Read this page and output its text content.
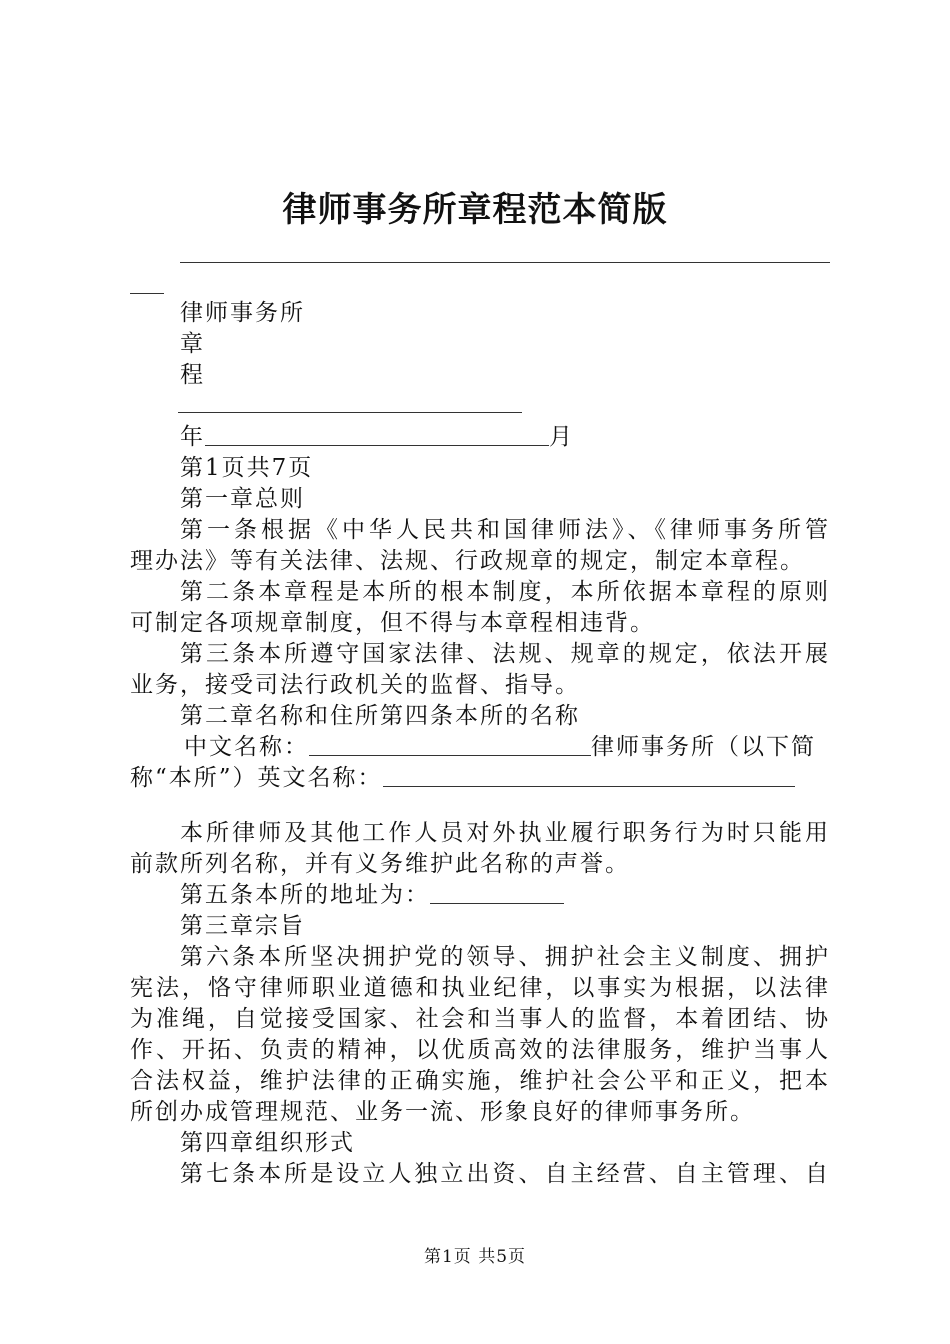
律师事务所章程范本简版
律师事务所
章
程
年	月
第1页共7页
第一章总则
第一条根据《中华人民共和国律师法》、《律师事务所管
理办法》等有关法律、法规、行政规章的规定，制定本章程。
第二条本章程是本所的根本制度，本所依据本章程的原则
可制定各项规章制度，但不得与本章程相违背。
第三条本所遵守国家法律、法规、规章的规定，依法开展
业务，接受司法行政机关的监督、指导。
第二章名称和住所第四条本所的名称
中文名称：	律师事务所（以下简
称“本所”）英文名称：
本所律师及其他工作人员对外执业履行职务行为时只能用
前款所列名称，并有义务维护此名称的声誉。
第五条本所的地址为：
第三章宗旨
第六条本所坚决拥护党的领导、拥护社会主义制度、拥护
宪法，恪守律师职业道德和执业纪律，以事实为根据，以法律
为准绳，自觉接受国家、社会和当事人的监督，本着团结、协
作、开拓、负责的精神，以优质高效的法律服务，维护当事人
合法权益，维护法律的正确实施，维护社会公平和正义，把本
所创办成管理规范、业务一流、形象良好的律师事务所。
第四章组织形式
第七条本所是设立人独立出资、自主经营、自主管理、自
第1页 共5页
